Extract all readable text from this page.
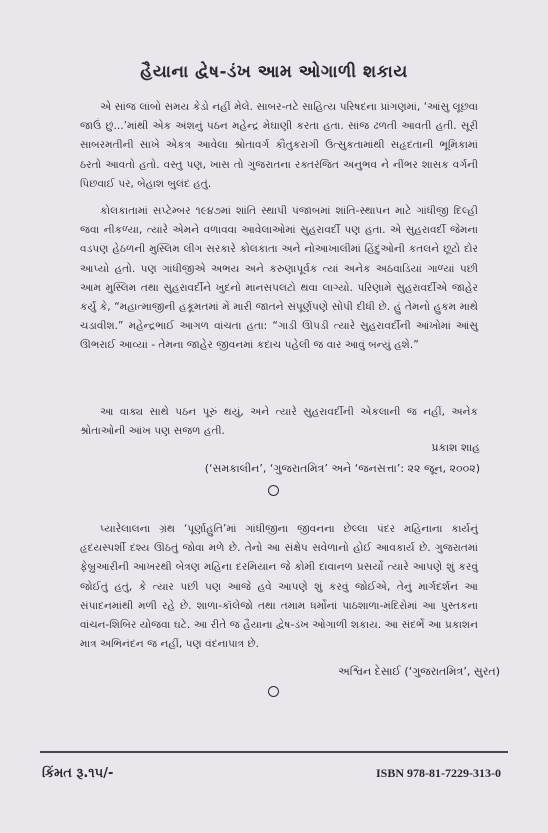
હૈયાના દ્વેષ-ડંખ આમ ઓગાળી શકાય

એ સાંજ લાંબો સમય કેડો નહીં મેલે. સાબર-તટે સાહિત્ય પરિષદના પ્રાંગણમાં, ‘આંસુ લૂછવા જાઉં છું...’માંથી એક અંશનું પઠન મહેન્દ્ર મેઘાણી કરતા હતા. સાંજ ઢળતી આવતી હતી. સૂરી સાબરમતીની સાખે એકત્ર આવેલા શ્રોતાવર્ગ કૌતુકરાગી ઉત્સુકતામાંથી સહૃદતાની ભૂમિકામાં ઠરતો આવતો હતો. વસ્તુ પણ, ખાસ તો ગુજરાતના રક્તરંજિત અનુભવ ને નીંભર શાસક વર્ગની પિછવાઈ પર, બેહાશ બુલંદ હતું.

કોલકાતામાં સપ્ટેમ્બર ૧૯૪૭માં શાંતિ સ્થાપી પંજાબમાં શાંતિ-સ્થાપન માટે ગાંધીજી દિલ્હી જવા નીકળ્યા, ત્યારે એમને વળાવવા આવેલાઓમાં સુહરાવર્દી પણ હતા. એ સુહરાવર્દી જેમના વડપણ હેઠળની મુસ્લિમ લીગ સરકારે કોલકાતા અને નોઆખાલીમાં હિંદુઓની કતલને છૂટો દોર આપ્યો હતો. પણ ગાંધીજીએ અભય અને કરુણાપૂર્વક ત્યાં અનેક અઠવાડિયાં ગાળ્યાં પછી આમ મુસ્લિમ તથા સુહરાવર્દીને ખુદનો માનસપલટો થવા લાગ્યો. પરિણામે સુહરાવર્દીએ જાહેર કર્યું કે, “મહાત્માજીની હકૂમતમાં મેં મારી જાતને સંપૂર્ણપણે સોંપી દીધી છે. હું તેમનો હુકમ માથે ચડાવીશ.” મહેન્દ્રભાઈ આગળ વાંચતા હતા: “ગાડી ઊપડી ત્યારે સુહરાવર્દીની આંખોમાં આંસુ ઊભરાઈ આવ્યાં - તેમના જાહેર જીવનમાં કદાચ પહેલી જ વાર આવું બન્યું હશે.”

આ વાક્ય સાથે પઠન પૂરું થયું, અને ત્યારે સુહરાવર્દીની એકલાની જ નહીં, અનેક શ્રોતાઓની આંખ પણ સજળ હતી.

પ્રકાશ શાહ
(‘સમકાલીન’, ‘ગુજરાતમિત્ર’ અને ‘જનસત્તા’: ૨૨ જૂન, ૨૦૦૨)

પ્યારેલાલના ગ્રંથ ‘પૂર્ણાહુતિ’માં ગાંધીજીના જીવનના છેલ્લા પંદર મહિનાના કાર્યનું હૃદયસ્પર્શી દશ્ય ઊઠતું જોવા મળે છે. તેનો આ સંક્ષેપ સવેળાનો હોઈ આવકાર્ય છે. ગુજરાતમાં ફેબ્રુઆરીની આખરથી બેત્રણ મહિના દરમિયાન જે કોમી દાવાનળ પ્રસર્યો ત્યારે આપણે શું કરવું જોઈતું હતું, કે ત્યાર પછી પણ આજે હવે આપણે શું કરવું જોઈએ, તેનું માર્ગદર્શન આ સંપાદનમાંથી મળી રહે છે. શાળા-કૉલેજો તથા તમામ ધર્મોનાં પાઠશાળા-મંદિરોમાં આ પુસ્તકના વાંચન-શિબિર યોજવા ઘટે. આ રીતે જ હૈયાના દ્વેષ-ડંખ ઓગાળી શકાય. આ સંદર્ભે આ પ્રકાશન માત્ર અભિનંદન જ નહીં, પણ વંદનાપાત્ર છે.

અશ્વિન દેસાઈ (‘ગુજરાતમિત્ર’, સુરત)
કિંમત રૂ.૧૫/-	ISBN 978-81-7229-313-0
